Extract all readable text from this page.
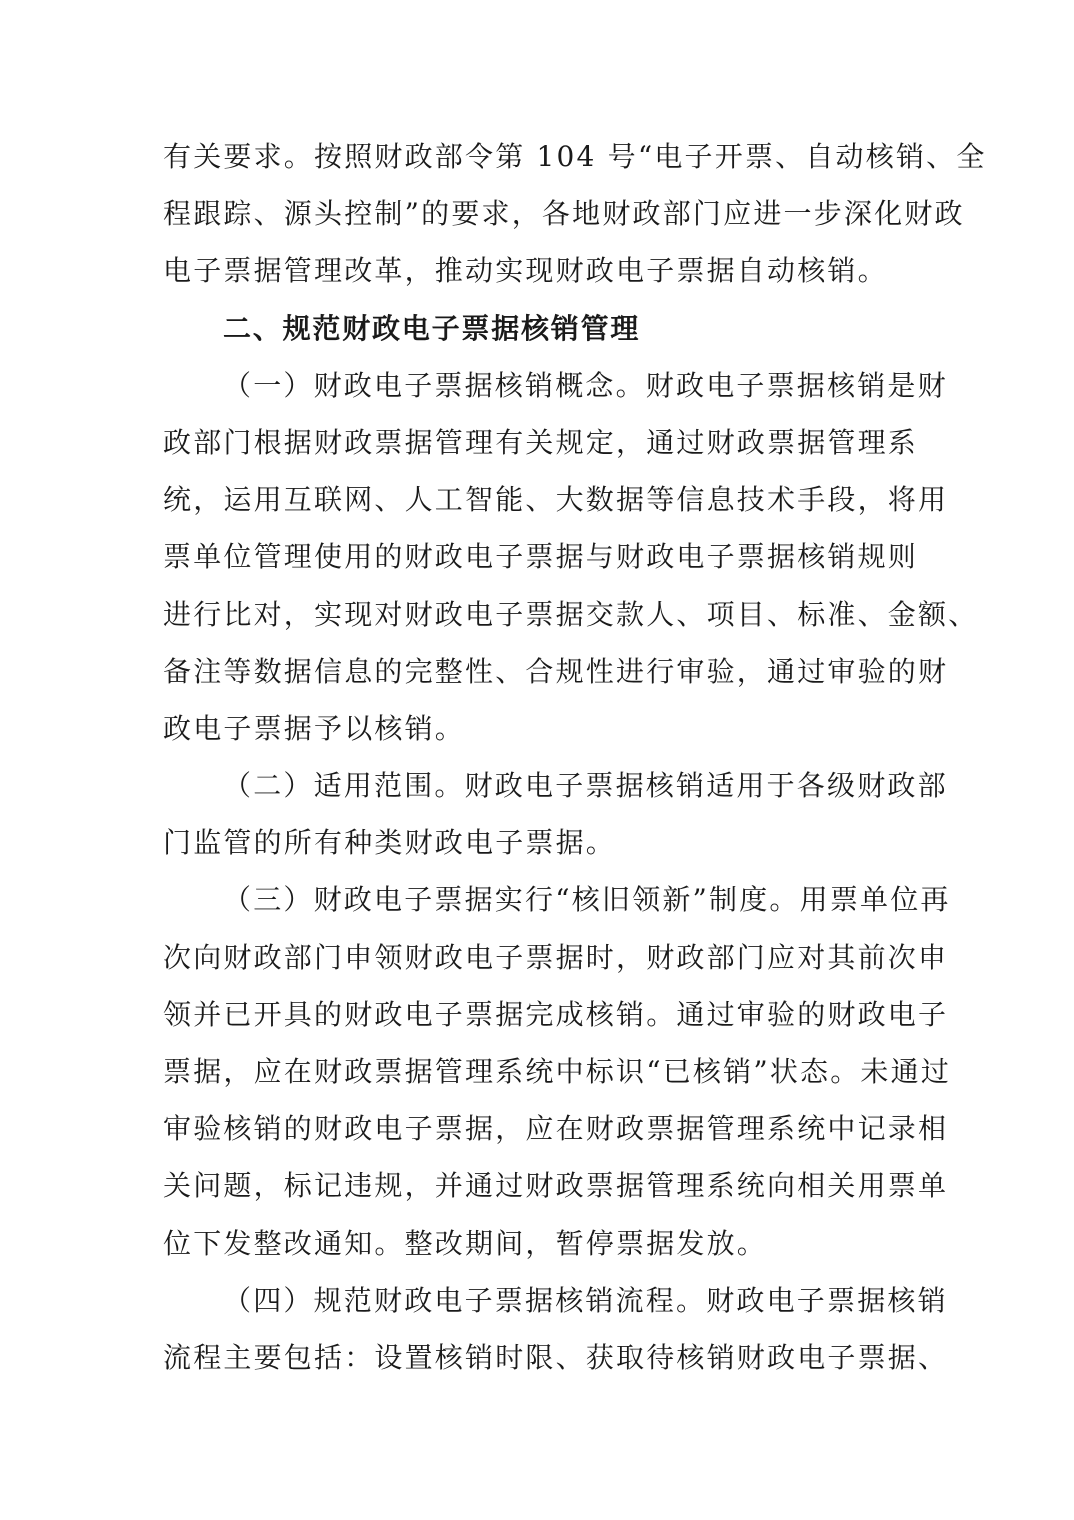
有关要求。按照财政部令第 104 号“电子开票、自动核销、全
程跟踪、源头控制”的要求，各地财政部门应进一步深化财政
电子票据管理改革，推动实现财政电子票据自动核销。
二、规范财政电子票据核销管理
（一）财政电子票据核销概念。财政电子票据核销是财
政部门根据财政票据管理有关规定，通过财政票据管理系
统，运用互联网、人工智能、大数据等信息技术手段，将用
票单位管理使用的财政电子票据与财政电子票据核销规则
进行比对，实现对财政电子票据交款人、项目、标准、金额、
备注等数据信息的完整性、合规性进行审验，通过审验的财
政电子票据予以核销。
（二）适用范围。财政电子票据核销适用于各级财政部
门监管的所有种类财政电子票据。
（三）财政电子票据实行“核旧领新”制度。用票单位再
次向财政部门申领财政电子票据时，财政部门应对其前次申
领并已开具的财政电子票据完成核销。通过审验的财政电子
票据，应在财政票据管理系统中标识“已核销”状态。未通过
审验核销的财政电子票据，应在财政票据管理系统中记录相
关问题，标记违规，并通过财政票据管理系统向相关用票单
位下发整改通知。整改期间，暂停票据发放。
（四）规范财政电子票据核销流程。财政电子票据核销
流程主要包括：设置核销时限、获取待核销财政电子票据、
